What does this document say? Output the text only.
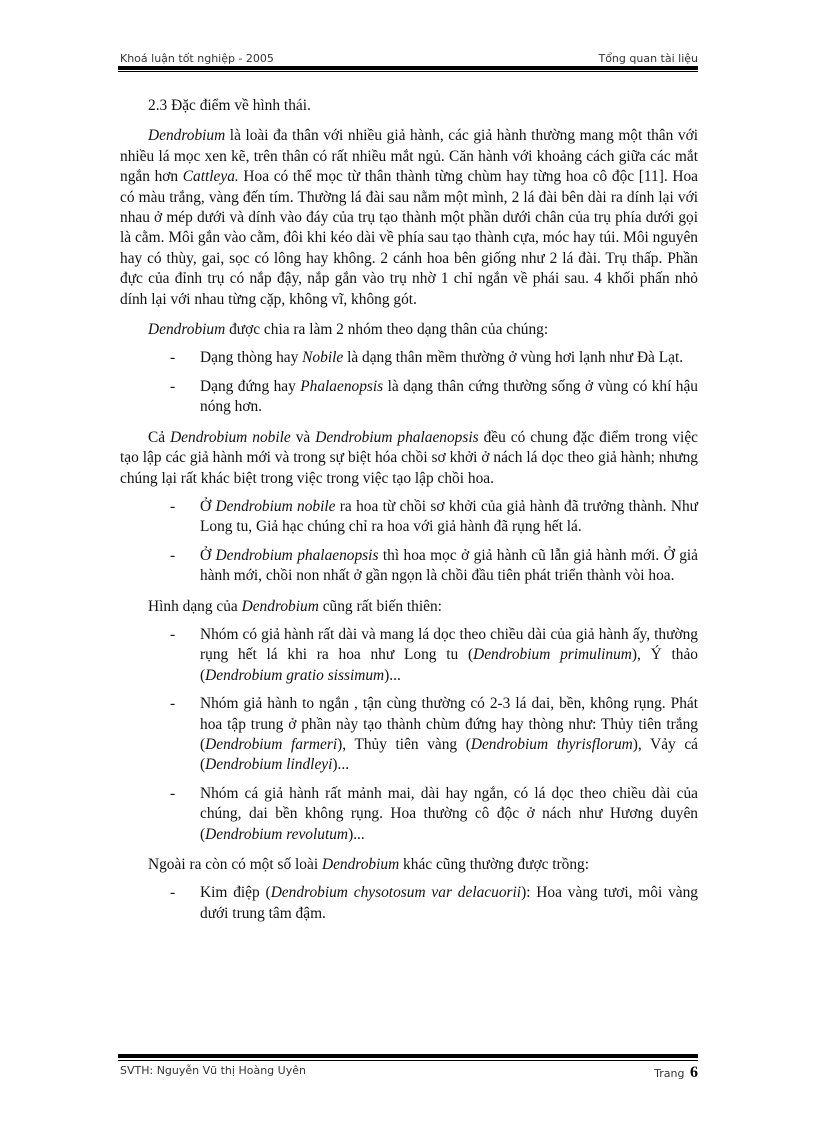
Khoá luận tốt nghiệp - 2005	Tổng quan tài liệu

2.3 Đặc điểm về hình thái.

Dendrobium là loài đa thân với nhiều giả hành, các giả hành thường mang một thân với nhiều lá mọc xen kẽ, trên thân có rất nhiều mắt ngủ. Căn hành với khoảng cách giữa các mắt ngắn hơn Cattleya. Hoa có thể mọc từ thân thành từng chùm hay từng hoa cô độc [11]. Hoa có màu trắng, vàng đến tím. Thường lá đài sau nằm một mình, 2 lá đài bên dài ra dính lại với nhau ở mép dưới và dính vào đáy của trụ tạo thành một phần dưới chân của trụ phía dưới gọi là cằm. Môi gắn vào cằm, đôi khi kéo dài về phía sau tạo thành cựa, móc hay túi. Môi nguyên hay có thùy, gai, sọc có lông hay không. 2 cánh hoa bên giống như 2 lá đài. Trụ thấp. Phần đực của đỉnh trụ có nắp đậy, nắp gắn vào trụ nhờ 1 chỉ ngắn về phái sau. 4 khối phấn nhỏ dính lại với nhau từng cặp, không vĩ, không gót.

Dendrobium được chia ra làm 2 nhóm theo dạng thân của chúng:

- Dạng thòng hay Nobile là dạng thân mềm thường ở vùng hơi lạnh như Đà Lạt.
- Dạng đứng hay Phalaenopsis là dạng thân cứng thường sống ở vùng có khí hậu nóng hơn.

Cả Dendrobium nobile và Dendrobium phalaenopsis đều có chung đặc điểm trong việc tạo lập các giả hành mới và trong sự biệt hóa chồi sơ khởi ở nách lá dọc theo giả hành; nhưng chúng lại rất khác biệt trong việc trong việc tạo lập chồi hoa.

- Ở Dendrobium nobile ra hoa từ chồi sơ khởi của giả hành đã trưởng thành. Như Long tu, Giả hạc chúng chỉ ra hoa với giả hành đã rụng hết lá.
- Ở Dendrobium phalaenopsis thì hoa mọc ở giả hành cũ lẫn giả hành mới. Ở giả hành mới, chồi non nhất ở gần ngọn là chồi đầu tiên phát triển thành vòi hoa.

Hình dạng của Dendrobium cũng rất biến thiên:

- Nhóm có giả hành rất dài và mang lá dọc theo chiều dài của giả hành ấy, thường rụng hết lá khi ra hoa như Long tu (Dendrobium primulinum), Ý thảo (Dendrobium gratio sissimum)...
- Nhóm giả hành to ngắn , tận cùng thường có 2-3 lá dai, bền, không rụng. Phát hoa tập trung ở phần này tạo thành chùm đứng hay thòng như: Thủy tiên trắng (Dendrobium farmeri), Thủy tiên vàng (Dendrobium thyrisflorum), Vảy cá (Dendrobium lindleyi)...
- Nhóm cá giả hành rất mảnh mai, dài hay ngắn, có lá dọc theo chiều dài của chúng, dai bền không rụng. Hoa thường cô độc ở nách như Hương duyên (Dendrobium revolutum)...

Ngoài ra còn có một số loài Dendrobium khác cũng thường được trồng:

- Kim điệp (Dendrobium chysotosum var delacuorii): Hoa vàng tươi, môi vàng dưới trung tâm đậm.
SVTH: Nguyễn Vũ thị Hoàng Uyên	Trang 6
